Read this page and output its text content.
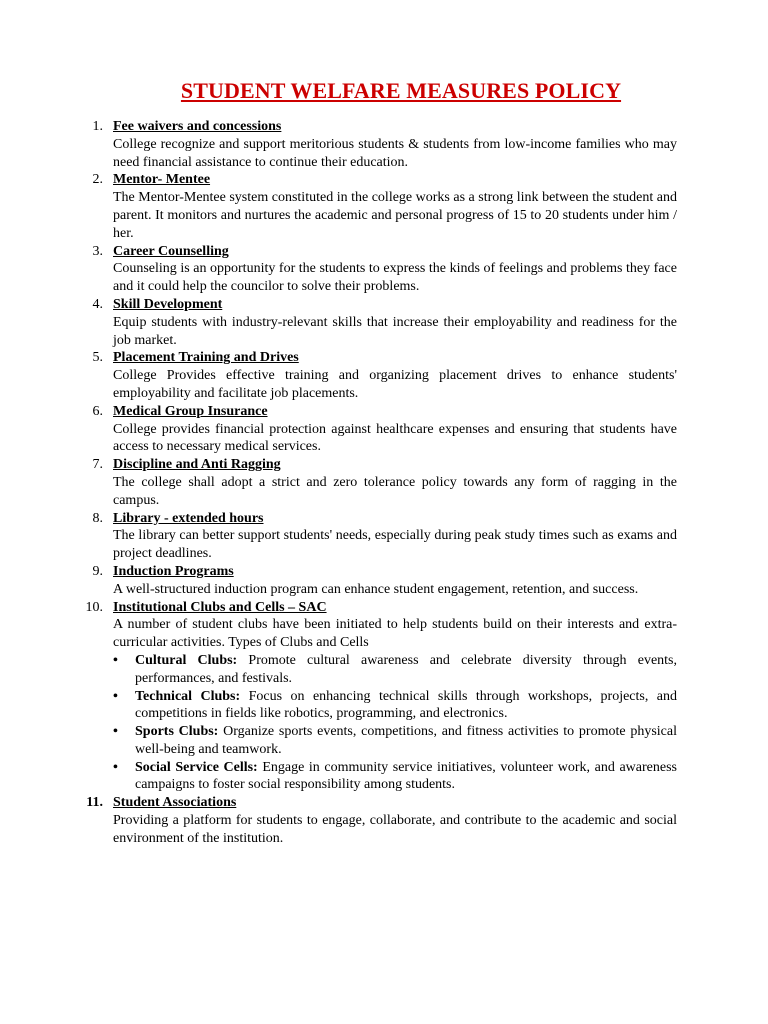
STUDENT WELFARE MEASURES POLICY
1. Fee waivers and concessions
College recognize and support meritorious students & students from low-income families who may need financial assistance to continue their education.
2. Mentor- Mentee
The Mentor-Mentee system constituted in the college works as a strong link between the student and parent. It monitors and nurtures the academic and personal progress of 15 to 20 students under him / her.
3. Career Counselling
Counseling is an opportunity for the students to express the kinds of feelings and problems they face and it could help the councilor to solve their problems.
4. Skill Development
Equip students with industry-relevant skills that increase their employability and readiness for the job market.
5. Placement Training and Drives
College Provides effective training and organizing placement drives to enhance students' employability and facilitate job placements.
6. Medical Group Insurance
College provides financial protection against healthcare expenses and ensuring that students have access to necessary medical services.
7. Discipline and Anti Ragging
The college shall adopt a strict and zero tolerance policy towards any form of ragging in the campus.
8. Library - extended hours
The library can better support students' needs, especially during peak study times such as exams and project deadlines.
9. Induction Programs
A well-structured induction program can enhance student engagement, retention, and success.
10. Institutional Clubs and Cells – SAC
A number of student clubs have been initiated to help students build on their interests and extra-curricular activities. Types of Clubs and Cells
• Cultural Clubs: Promote cultural awareness and celebrate diversity through events, performances, and festivals.
• Technical Clubs: Focus on enhancing technical skills through workshops, projects, and competitions in fields like robotics, programming, and electronics.
• Sports Clubs: Organize sports events, competitions, and fitness activities to promote physical well-being and teamwork.
• Social Service Cells: Engage in community service initiatives, volunteer work, and awareness campaigns to foster social responsibility among students.
11. Student Associations
Providing a platform for students to engage, collaborate, and contribute to the academic and social environment of the institution.
